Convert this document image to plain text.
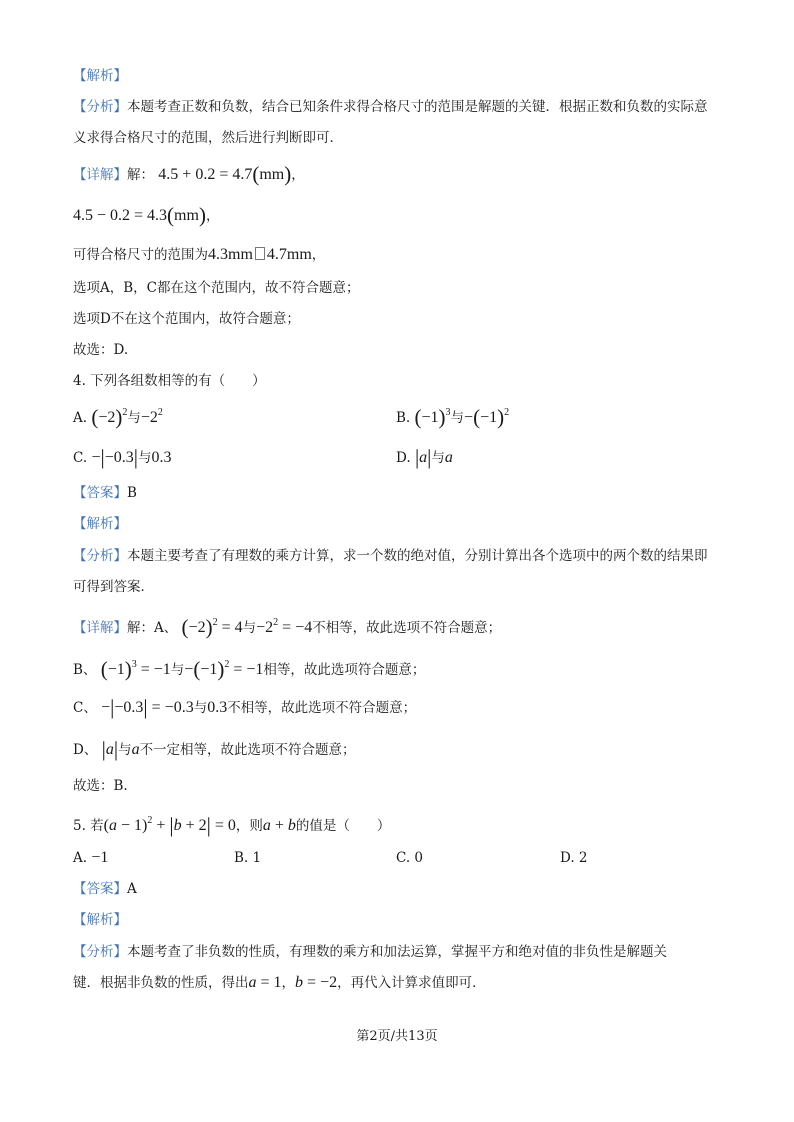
【解析】
【分析】本题考查正数和负数，结合已知条件求得合格尺寸的范围是解题的关键．根据正数和负数的实际意
义求得合格尺寸的范围，然后进行判断即可．
【详解】解： 4.5 + 0.2 = 4.7(mm)，
4.5 − 0.2 = 4.3(mm)，
可得合格尺寸的范围为4.3mm 4.7mm，
选项A，B，C都在这个范围内，故不符合题意；
选项D不在这个范围内，故符合题意；
故选：D.
4. 下列各组数相等的有（　　）
A. $(-2)^2$与$-2^2$	B. $(-1)^3$与$-(-1)^2$
C. −|−0.3|与0.3	D. |a|与a
【答案】B
【解析】
【分析】本题主要考查了有理数的乘方计算，求一个数的绝对值，分别计算出各个选项中的两个数的结果即
可得到答案．
【详解】解：A、 $(-2)^2 = 4$与$-2^2 = -4$不相等，故此选项不符合题意；
B、 $(-1)^3 = -1$与$-(-1)^2 = -1$相等，故此选项符合题意；
C、 −|−0.3| = −0.3与0.3不相等，故此选项不符合题意；
D、 |a|与a不一定相等，故此选项不符合题意；
故选：B.
5. 若$(a - 1)^2 + |b + 2| = 0$，则a + b的值是（　　）
A. −1	B. 1	C. 0	D. 2
【答案】A
【解析】
【分析】本题考查了非负数的性质，有理数的乘方和加法运算，掌握平方和绝对值的非负性是解题关
键．根据非负数的性质，得出a = 1，b = −2，再代入计算求值即可．
第2页/共13页
